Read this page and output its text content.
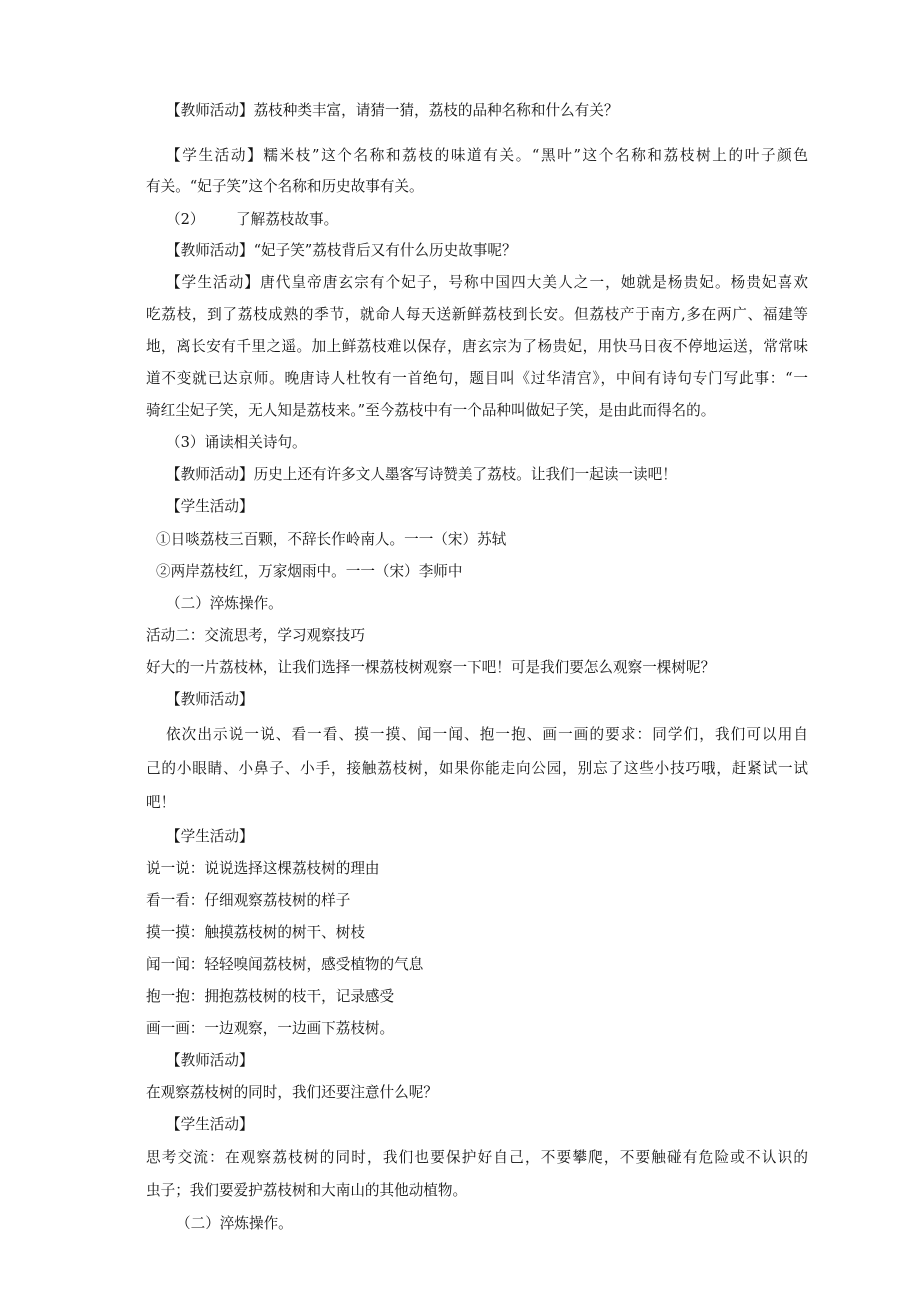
【教师活动】荔枝种类丰富，请猜一猜，荔枝的品种名称和什么有关？

【学生活动】糯米枝”这个名称和荔枝的味道有关。“黑叶”这个名称和荔枝树上的叶子颜色

有关。“妃子笑”这个名称和历史故事有关。

（2） 了解荔枝故事。

【教师活动】“妃子笑”荔枝背后又有什么历史故事呢？

【学生活动】唐代皇帝唐玄宗有个妃子，号称中国四大美人之一，她就是杨贵妃。杨贵妃喜欢

吃荔枝，到了荔枝成熟的季节，就命人每天送新鲜荔枝到长安。但荔枝产于南方,多在两广、福建等

地，离长安有千里之遥。加上鲜荔枝难以保存，唐玄宗为了杨贵妃，用快马日夜不停地运送，常常味

道不变就已达京师。晚唐诗人杜牧有一首绝句，题目叫《过华清宫》，中间有诗句专门写此事：“一

骑红尘妃子笑，无人知是荔枝来。”至今荔枝中有一个品种叫做妃子笑，是由此而得名的。

（3）诵读相关诗句。

【教师活动】历史上还有许多文人墨客写诗赞美了荔枝。让我们一起读一读吧！

【学生活动】

①日啖荔枝三百颗，不辞长作岭南人。一一（宋）苏轼

②两岸荔枝红，万家烟雨中。一一（宋）李师中

（二）淬炼操作。

活动二：交流思考，学习观察技巧

好大的一片荔枝林，让我们选择一棵荔枝树观察一下吧！可是我们要怎么观察一棵树呢？

【教师活动】

依次出示说一说、看一看、摸一摸、闻一闻、抱一抱、画一画的要求：同学们，我们可以用自

己的小眼睛、小鼻子、小手，接触荔枝树，如果你能走向公园，别忘了这些小技巧哦，赶紧试一试

吧！

【学生活动】

说一说：说说选择这棵荔枝树的理由

看一看：仔细观察荔枝树的样子

摸一摸：触摸荔枝树的树干、树枝

闻一闻：轻轻嗅闻荔枝树，感受植物的气息

抱一抱：拥抱荔枝树的枝干，记录感受

画一画：一边观察，一边画下荔枝树。

【教师活动】

在观察荔枝树的同时，我们还要注意什么呢？

【学生活动】

思考交流：在观察荔枝树的同时，我们也要保护好自己，不要攀爬，不要触碰有危险或不认识的

虫子；我们要爱护荔枝树和大南山的其他动植物。

（二）淬炼操作。
